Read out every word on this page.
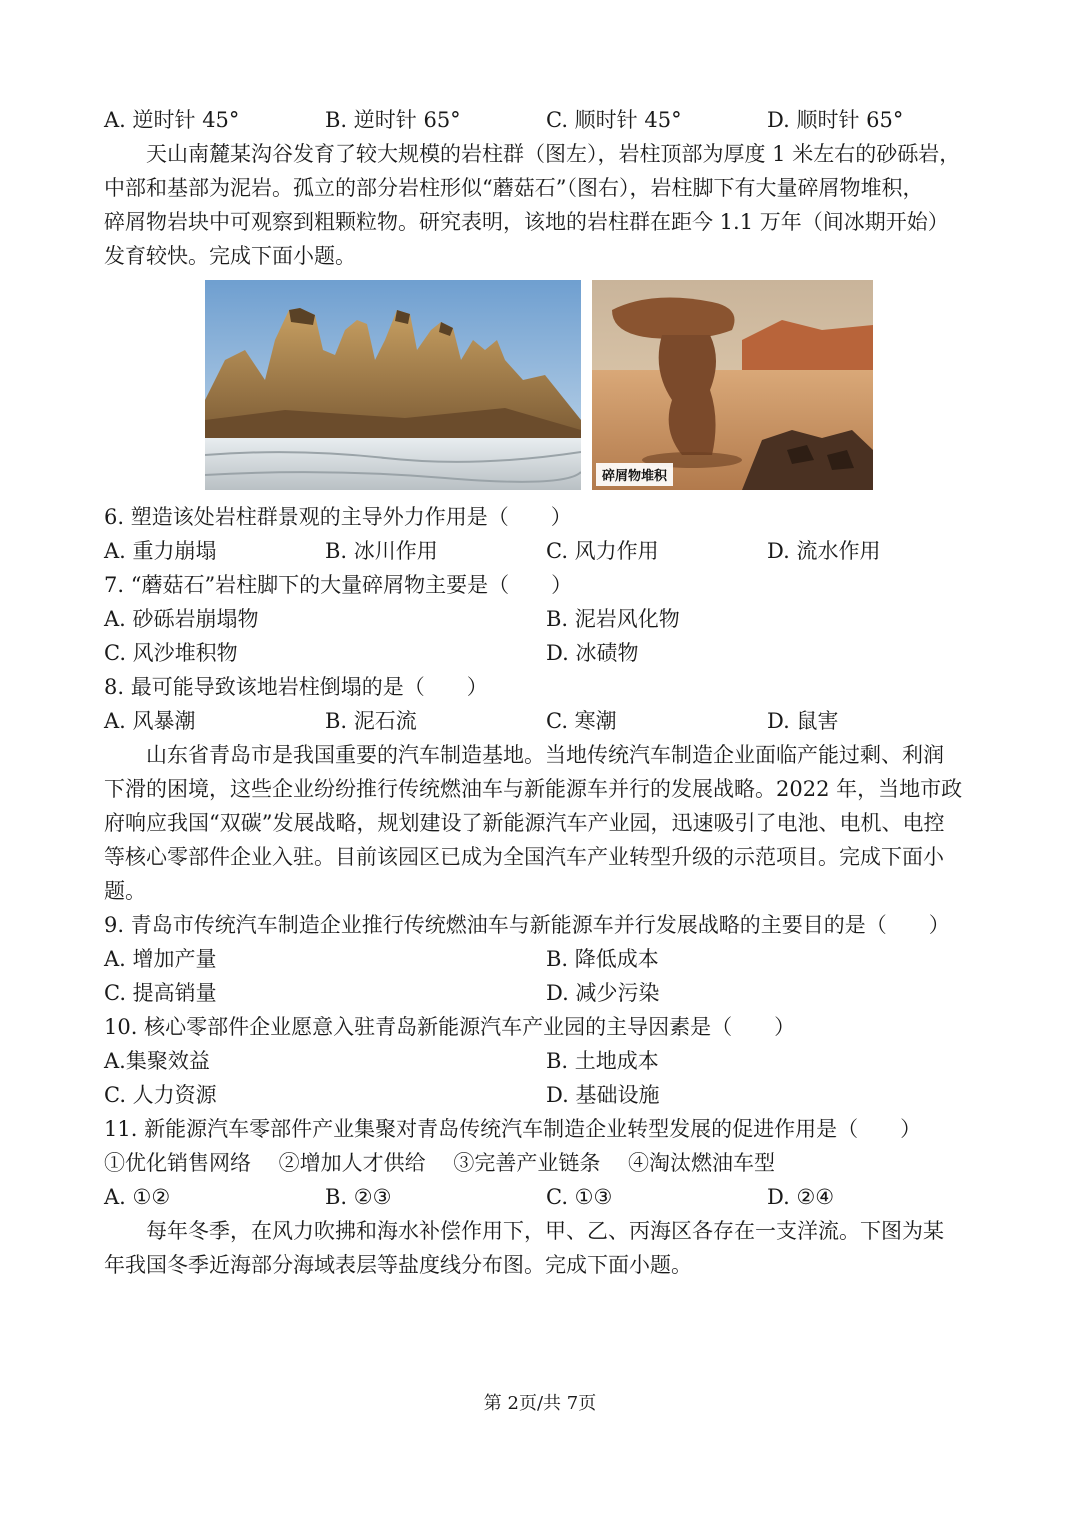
A. 逆时针 45°	B. 逆时针 65°	C. 顺时针 45°	D. 顺时针 65°
天山南麓某沟谷发育了较大规模的岩柱群（图左），岩柱顶部为厚度 1 米左右的砂砾岩，
中部和基部为泥岩。孤立的部分岩柱形似“蘑菇石”（图右），岩柱脚下有大量碎屑物堆积，
碎屑物岩块中可观察到粗颗粒物。研究表明，该地的岩柱群在距今 1.1 万年（间冰期开始）
发育较快。完成下面小题。
碎屑物堆积
6. 塑造该处岩柱群景观的主导外力作用是（　　）
A. 重力崩塌	B. 冰川作用	C. 风力作用	D. 流水作用
7. “蘑菇石”岩柱脚下的大量碎屑物主要是（　　）
A. 砂砾岩崩塌物	B. 泥岩风化物
C. 风沙堆积物	D. 冰碛物
8. 最可能导致该地岩柱倒塌的是（　　）
A. 风暴潮	B. 泥石流	C. 寒潮	D. 鼠害
山东省青岛市是我国重要的汽车制造基地。当地传统汽车制造企业面临产能过剩、利润
下滑的困境，这些企业纷纷推行传统燃油车与新能源车并行的发展战略。2022 年，当地市政
府响应我国“双碳”发展战略，规划建设了新能源汽车产业园，迅速吸引了电池、电机、电控
等核心零部件企业入驻。目前该园区已成为全国汽车产业转型升级的示范项目。完成下面小
题。
9. 青岛市传统汽车制造企业推行传统燃油车与新能源车并行发展战略的主要目的是（　　）
A. 增加产量	B. 降低成本
C. 提高销量	D. 减少污染
10. 核心零部件企业愿意入驻青岛新能源汽车产业园的主导因素是（　　）
A.集聚效益	B. 土地成本
C. 人力资源	D. 基础设施
11. 新能源汽车零部件产业集聚对青岛传统汽车制造企业转型发展的促进作用是（　　）
①优化销售网络　 ②增加人才供给　 ③完善产业链条　 ④淘汰燃油车型
A. ①②	B. ②③	C. ①③	D. ②④
每年冬季，在风力吹拂和海水补偿作用下，甲、乙、丙海区各存在一支洋流。下图为某
年我国冬季近海部分海域表层等盐度线分布图。完成下面小题。
第 2页/共 7页
